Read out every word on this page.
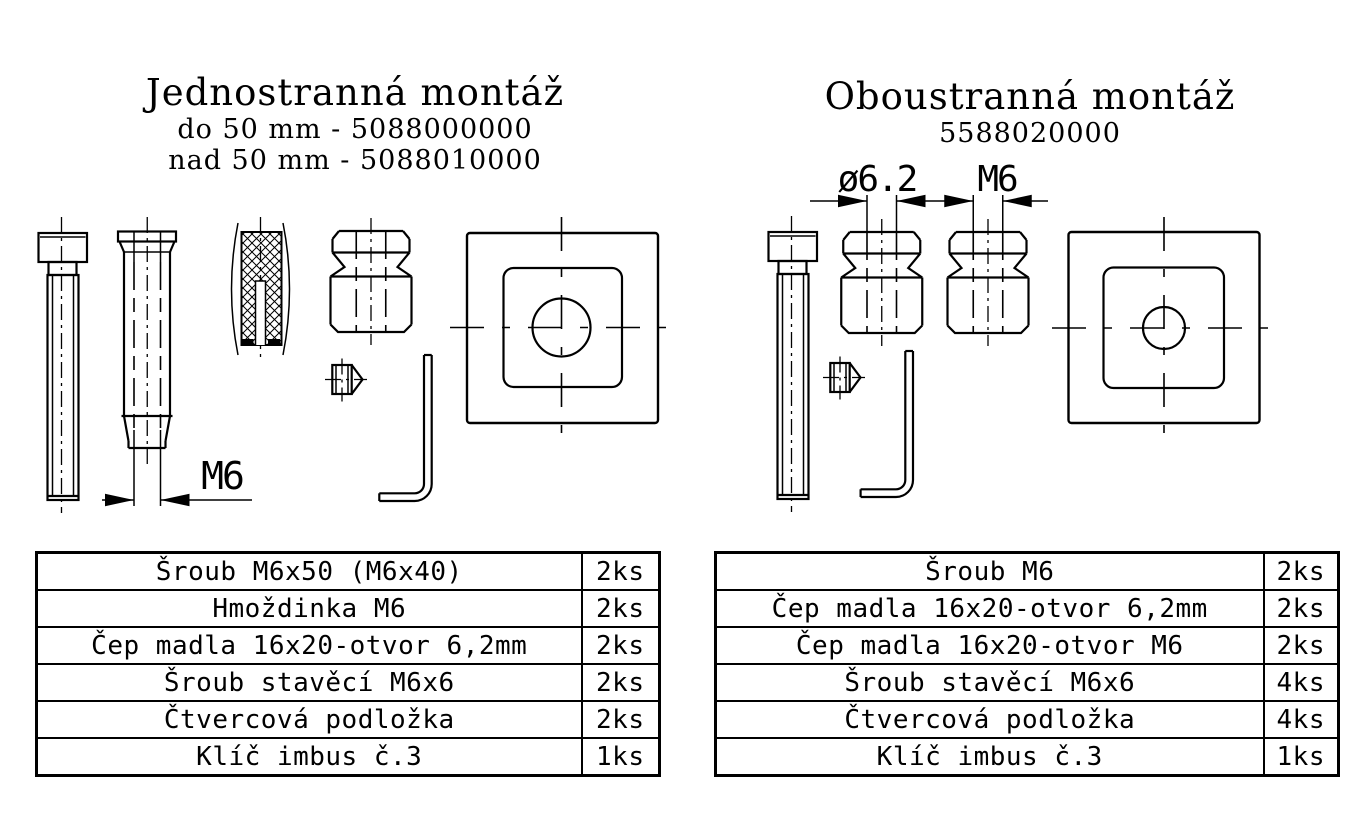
M6
ø6.2 M6
Jednostranná montáž
do 50 mm - 5088000000
nad 50 mm - 5088010000
Oboustranná montáž
5588020000
Šroub M6x50 (M6x40)	2ks
Hmoždinka M6	2ks
Čep madla 16x20-otvor 6,2mm	2ks
Šroub stavěcí M6x6	2ks
Čtvercová podložka	2ks
Klíč imbus č.3	1ks
Šroub M6	2ks
Čep madla 16x20-otvor 6,2mm	2ks
Čep madla 16x20-otvor M6	2ks
Šroub stavěcí M6x6	4ks
Čtvercová podložka	4ks
Klíč imbus č.3	1ks
